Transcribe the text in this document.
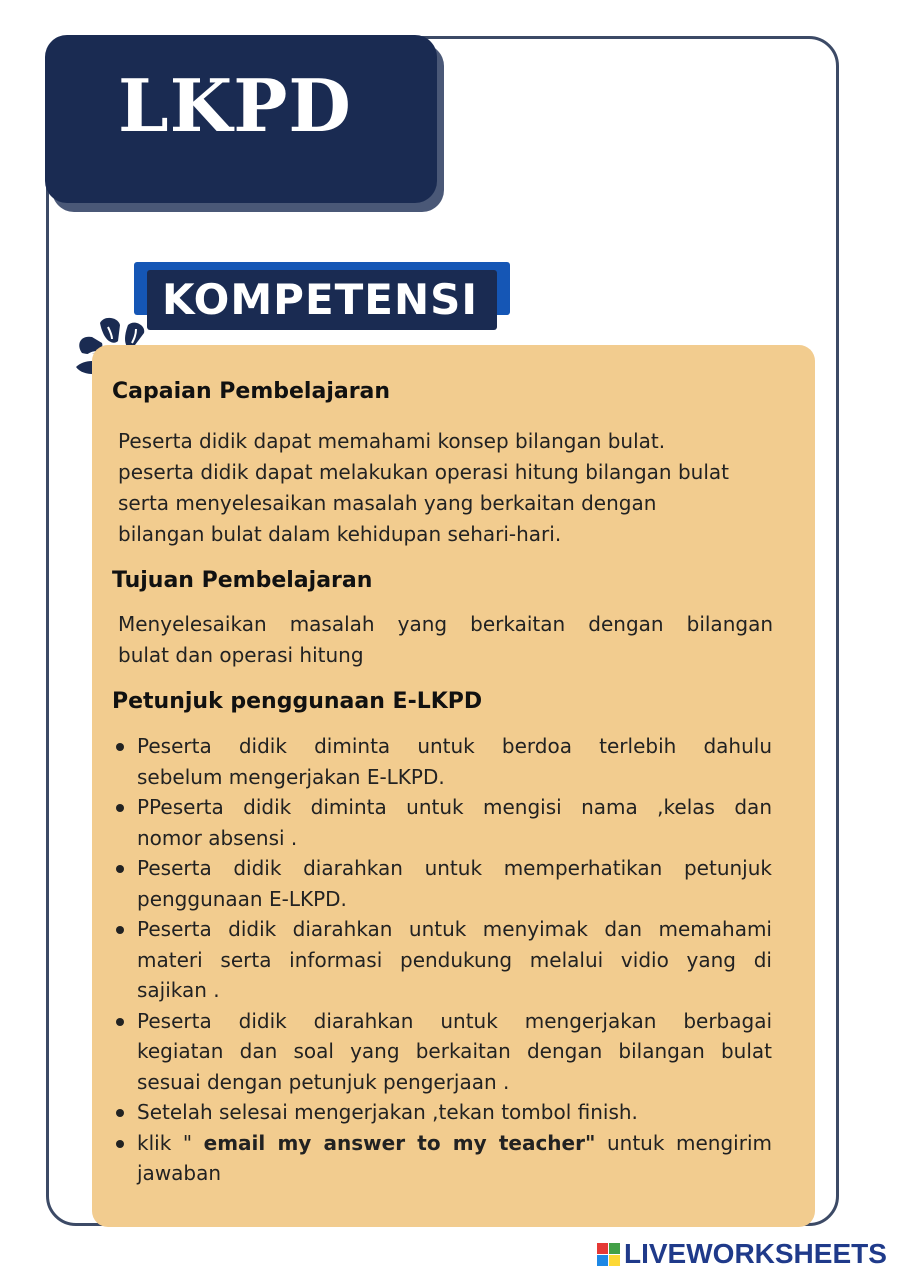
LKPD
KOMPETENSI
Capaian Pembelajaran
Peserta didik dapat memahami konsep bilangan bulat.
peserta didik dapat melakukan operasi hitung bilangan bulat
serta menyelesaikan masalah yang berkaitan dengan
bilangan bulat dalam kehidupan sehari-hari.
Tujuan Pembelajaran
Menyelesaikan masalah yang berkaitan dengan bilangan
bulat dan operasi hitung
Petunjuk penggunaan E-LKPD
Peserta didik diminta untuk berdoa terlebih dahulu
sebelum mengerjakan E-LKPD.
PPeserta didik diminta untuk mengisi nama ,kelas dan
nomor absensi .
Peserta didik diarahkan untuk memperhatikan petunjuk
penggunaan E-LKPD.
Peserta didik diarahkan untuk menyimak dan memahami
materi serta informasi pendukung melalui vidio yang di
sajikan .
Peserta didik diarahkan untuk mengerjakan berbagai
kegiatan dan soal yang berkaitan dengan bilangan bulat
sesuai dengan petunjuk pengerjaan .
Setelah selesai mengerjakan ,tekan tombol finish.
klik " email my answer to my teacher" untuk mengirim
jawaban
LIVEWORKSHEETS
